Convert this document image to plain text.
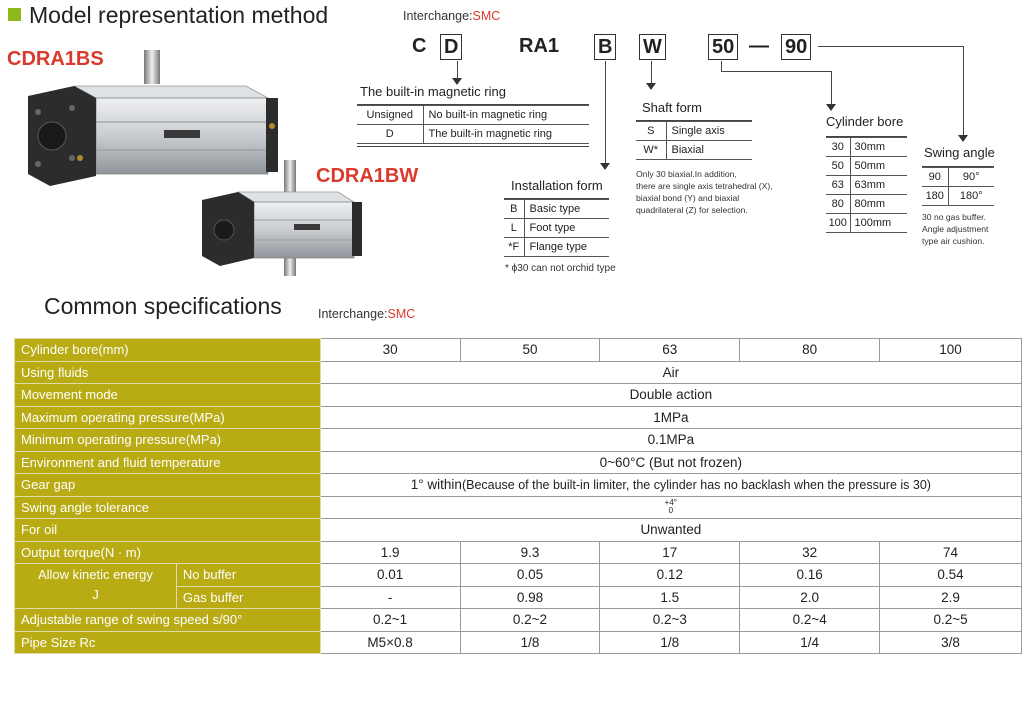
Model representation method	Interchange:SMC
CDRA1BS
CDRA1BW
C D	RA1 B W	50 — 90
The built-in magnetic ring
Unsigned	No built-in magnetic ring
D	The built-in magnetic ring
Installation form
B	Basic type
L	Foot type
*F	Flange type
* ϕ30 can not orchid type
Shaft form
S	Single axis
W*	Biaxial
Only 30 biaxial.In addition,
there are single axis tetrahedral (X),
biaxial bond (Y) and biaxial
quadrilateral (Z) for selection.
Cylinder bore
30	30mm
50	50mm
63	63mm
80	80mm
100	100mm
Swing angle
90	90°
180	180°
30 no gas buffer.
Angle adjustment
type air cushion.
Common specifications	Interchange:SMC
Cylinder bore(mm)		30	50	63	80	100
Using fluids		Air				
Movement mode		Double action				
Maximum operating pressure(MPa)		1MPa				
Minimum operating pressure(MPa)		0.1MPa				
Environment and fluid temperature		0~60°C (But not frozen)				
Gear gap		1° within(Because of the built-in limiter, the cylinder has no backlash when the pressure is 30)				
Swing angle tolerance		+4°
0				
For oil		Unwanted				
Output torque(N · m)		1.9	9.3	17	32	74
Allow kinetic energy
J	No buffer	0.01	0.05	0.12	0.16	0.54
	Gas buffer	-	0.98	1.5	2.0	2.9
Adjustable range of swing speed s/90°		0.2~1	0.2~2	0.2~3	0.2~4	0.2~5
Pipe Size Rc		M5×0.8	1/8	1/8	1/4	3/8
